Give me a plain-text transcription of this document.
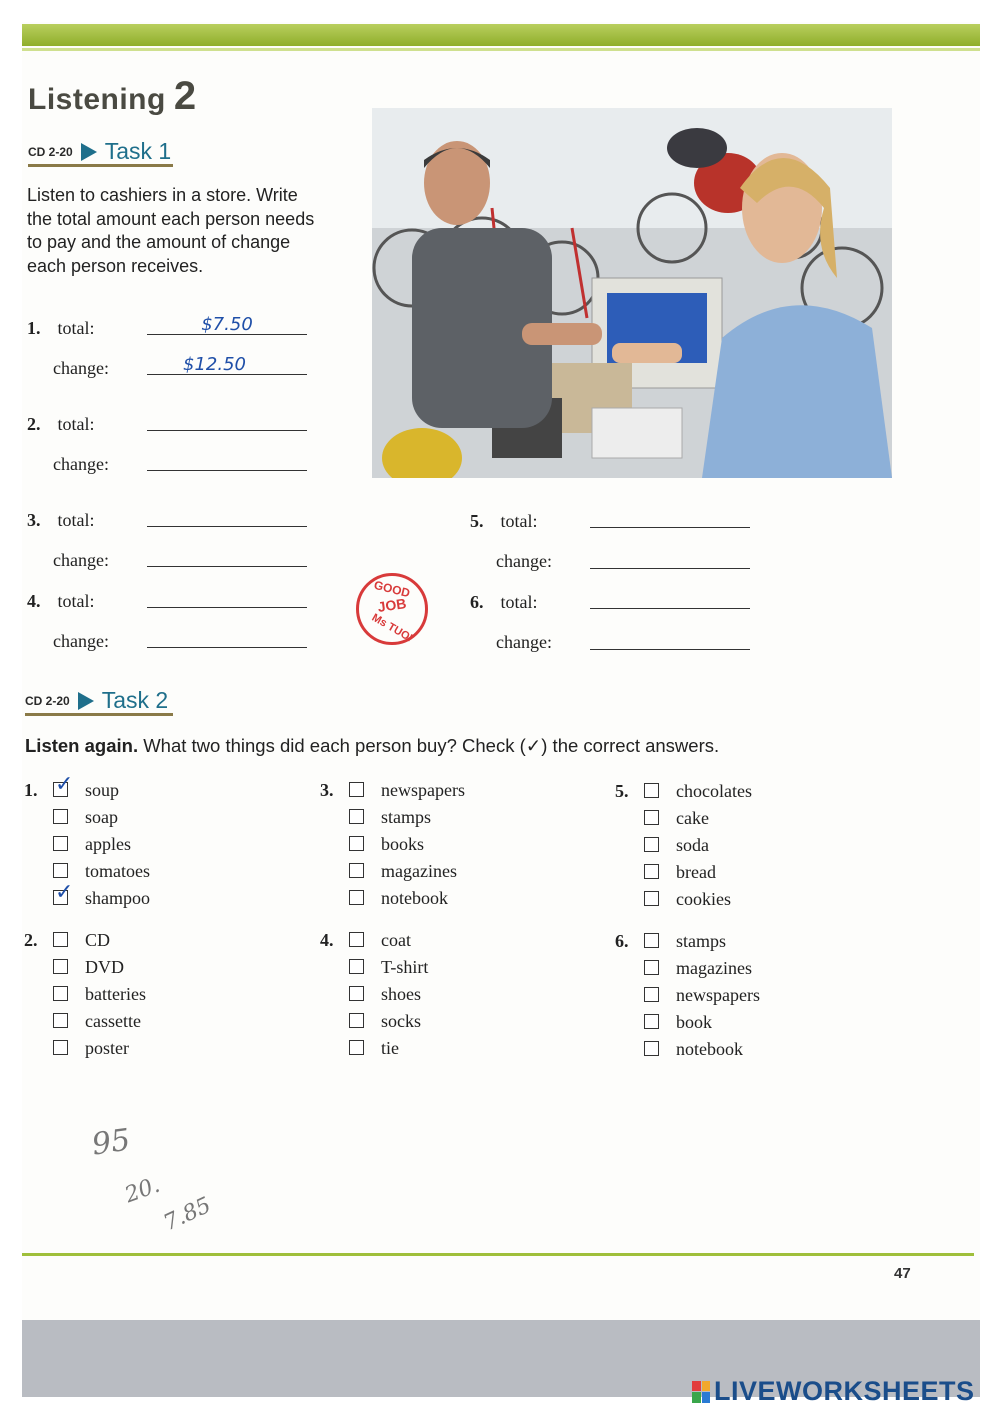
Listening 2
CD 2-20 Task 1
Listen to cashiers in a store. Write the total amount each person needs to pay and the amount of change each person receives.
1. total:	$7.50
change:	$12.50
2. total:
change:
3. total:
change:
4. total:
change:
5. total:
change:
6. total:
change:
GOOD
JOB
Ms TUOI
CD 2-20 Task 2
Listen again. What two things did each person buy? Check (✓) the correct answers.
1. ✓ soup
soap
apples
tomatoes
✓ shampoo
2.	CD
DVD
batteries
cassette
poster
3.	newspapers
stamps
books
magazines
notebook
4.	coat
T-shirt
shoes
socks
tie
5.	chocolates
cake
soda
bread
cookies
6.	stamps
magazines
newspapers
book
notebook
95
20.
7.85
47
LIVEWORKSHEETS
